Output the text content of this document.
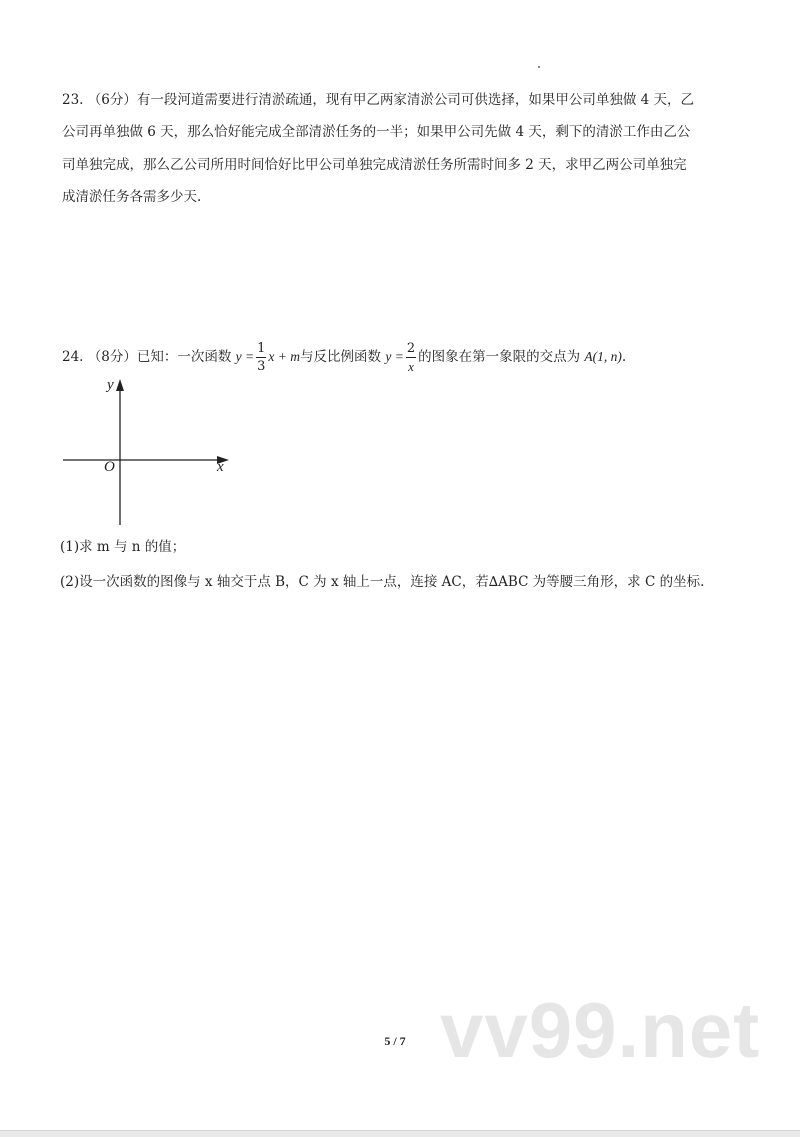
23. （6分）有一段河道需要进行清淤疏通，现有甲乙两家清淤公司可供选择，如果甲公司单独做 4 天，乙
公司再单独做 6 天，那么恰好能完成全部清淤任务的一半；如果甲公司先做 4 天，剩下的清淤工作由乙公
司单独完成，那么乙公司所用时间恰好比甲公司单独完成清淤任务所需时间多 2 天，求甲乙两公司单独完
成清淤任务各需多少天.
24. （8分）已知：一次函数 $y = \frac{1}{3}$ x + m与反比例函数 $y = \frac{2}{x}$ 的图象在第一象限的交点为 A(1, n).
y
O	x
(1)求 m 与 n 的值；
(2)设一次函数的图像与 x 轴交于点 B，C 为 x 轴上一点，连接 AC，若∆ABC 为等腰三角形，求 C 的坐标.
vv99.net
5 / 7
